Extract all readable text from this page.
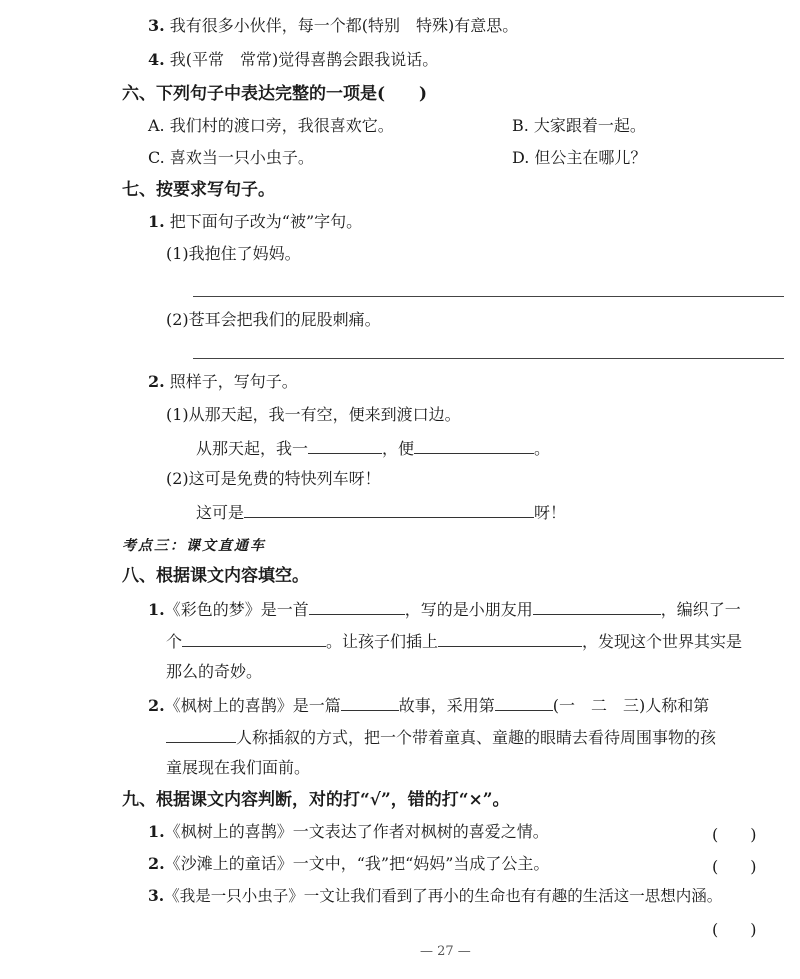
3. 我有很多小伙伴，每一个都(特别　特殊)有意思。
4. 我(平常　常常)觉得喜鹊会跟我说话。
六、下列句子中表达完整的一项是(　　)
A. 我们村的渡口旁，我很喜欢它。	B. 大家跟着一起。
C. 喜欢当一只小虫子。	D. 但公主在哪儿？
七、按要求写句子。
1. 把下面句子改为“被”字句。
(1)我抱住了妈妈。
(2)苍耳会把我们的屁股刺痛。
2. 照样子，写句子。
(1)从那天起，我一有空，便来到渡口边。
从那天起，我一	，便	。
(2)这可是免费的特快列车呀！
这可是	呀！
考点三：课文直通车
八、根据课文内容填空。
1.《彩色的梦》是一首	，写的是小朋友用	，编织了一
个	。让孩子们插上	，发现这个世界其实是
那么的奇妙。
2.《枫树上的喜鹊》是一篇	故事，采用第	(一　二　三)人称和第
人称插叙的方式，把一个带着童真、童趣的眼睛去看待周围事物的孩
童展现在我们面前。
九、根据课文内容判断，对的打“√”，错的打“×”。
1.《枫树上的喜鹊》一文表达了作者对枫树的喜爱之情。	(　　)
2.《沙滩上的童话》一文中，“我”把“妈妈”当成了公主。	(　　)
3.《我是一只小虫子》一文让我们看到了再小的生命也有有趣的生活这一思想内涵。
(　　)
— 27 —
